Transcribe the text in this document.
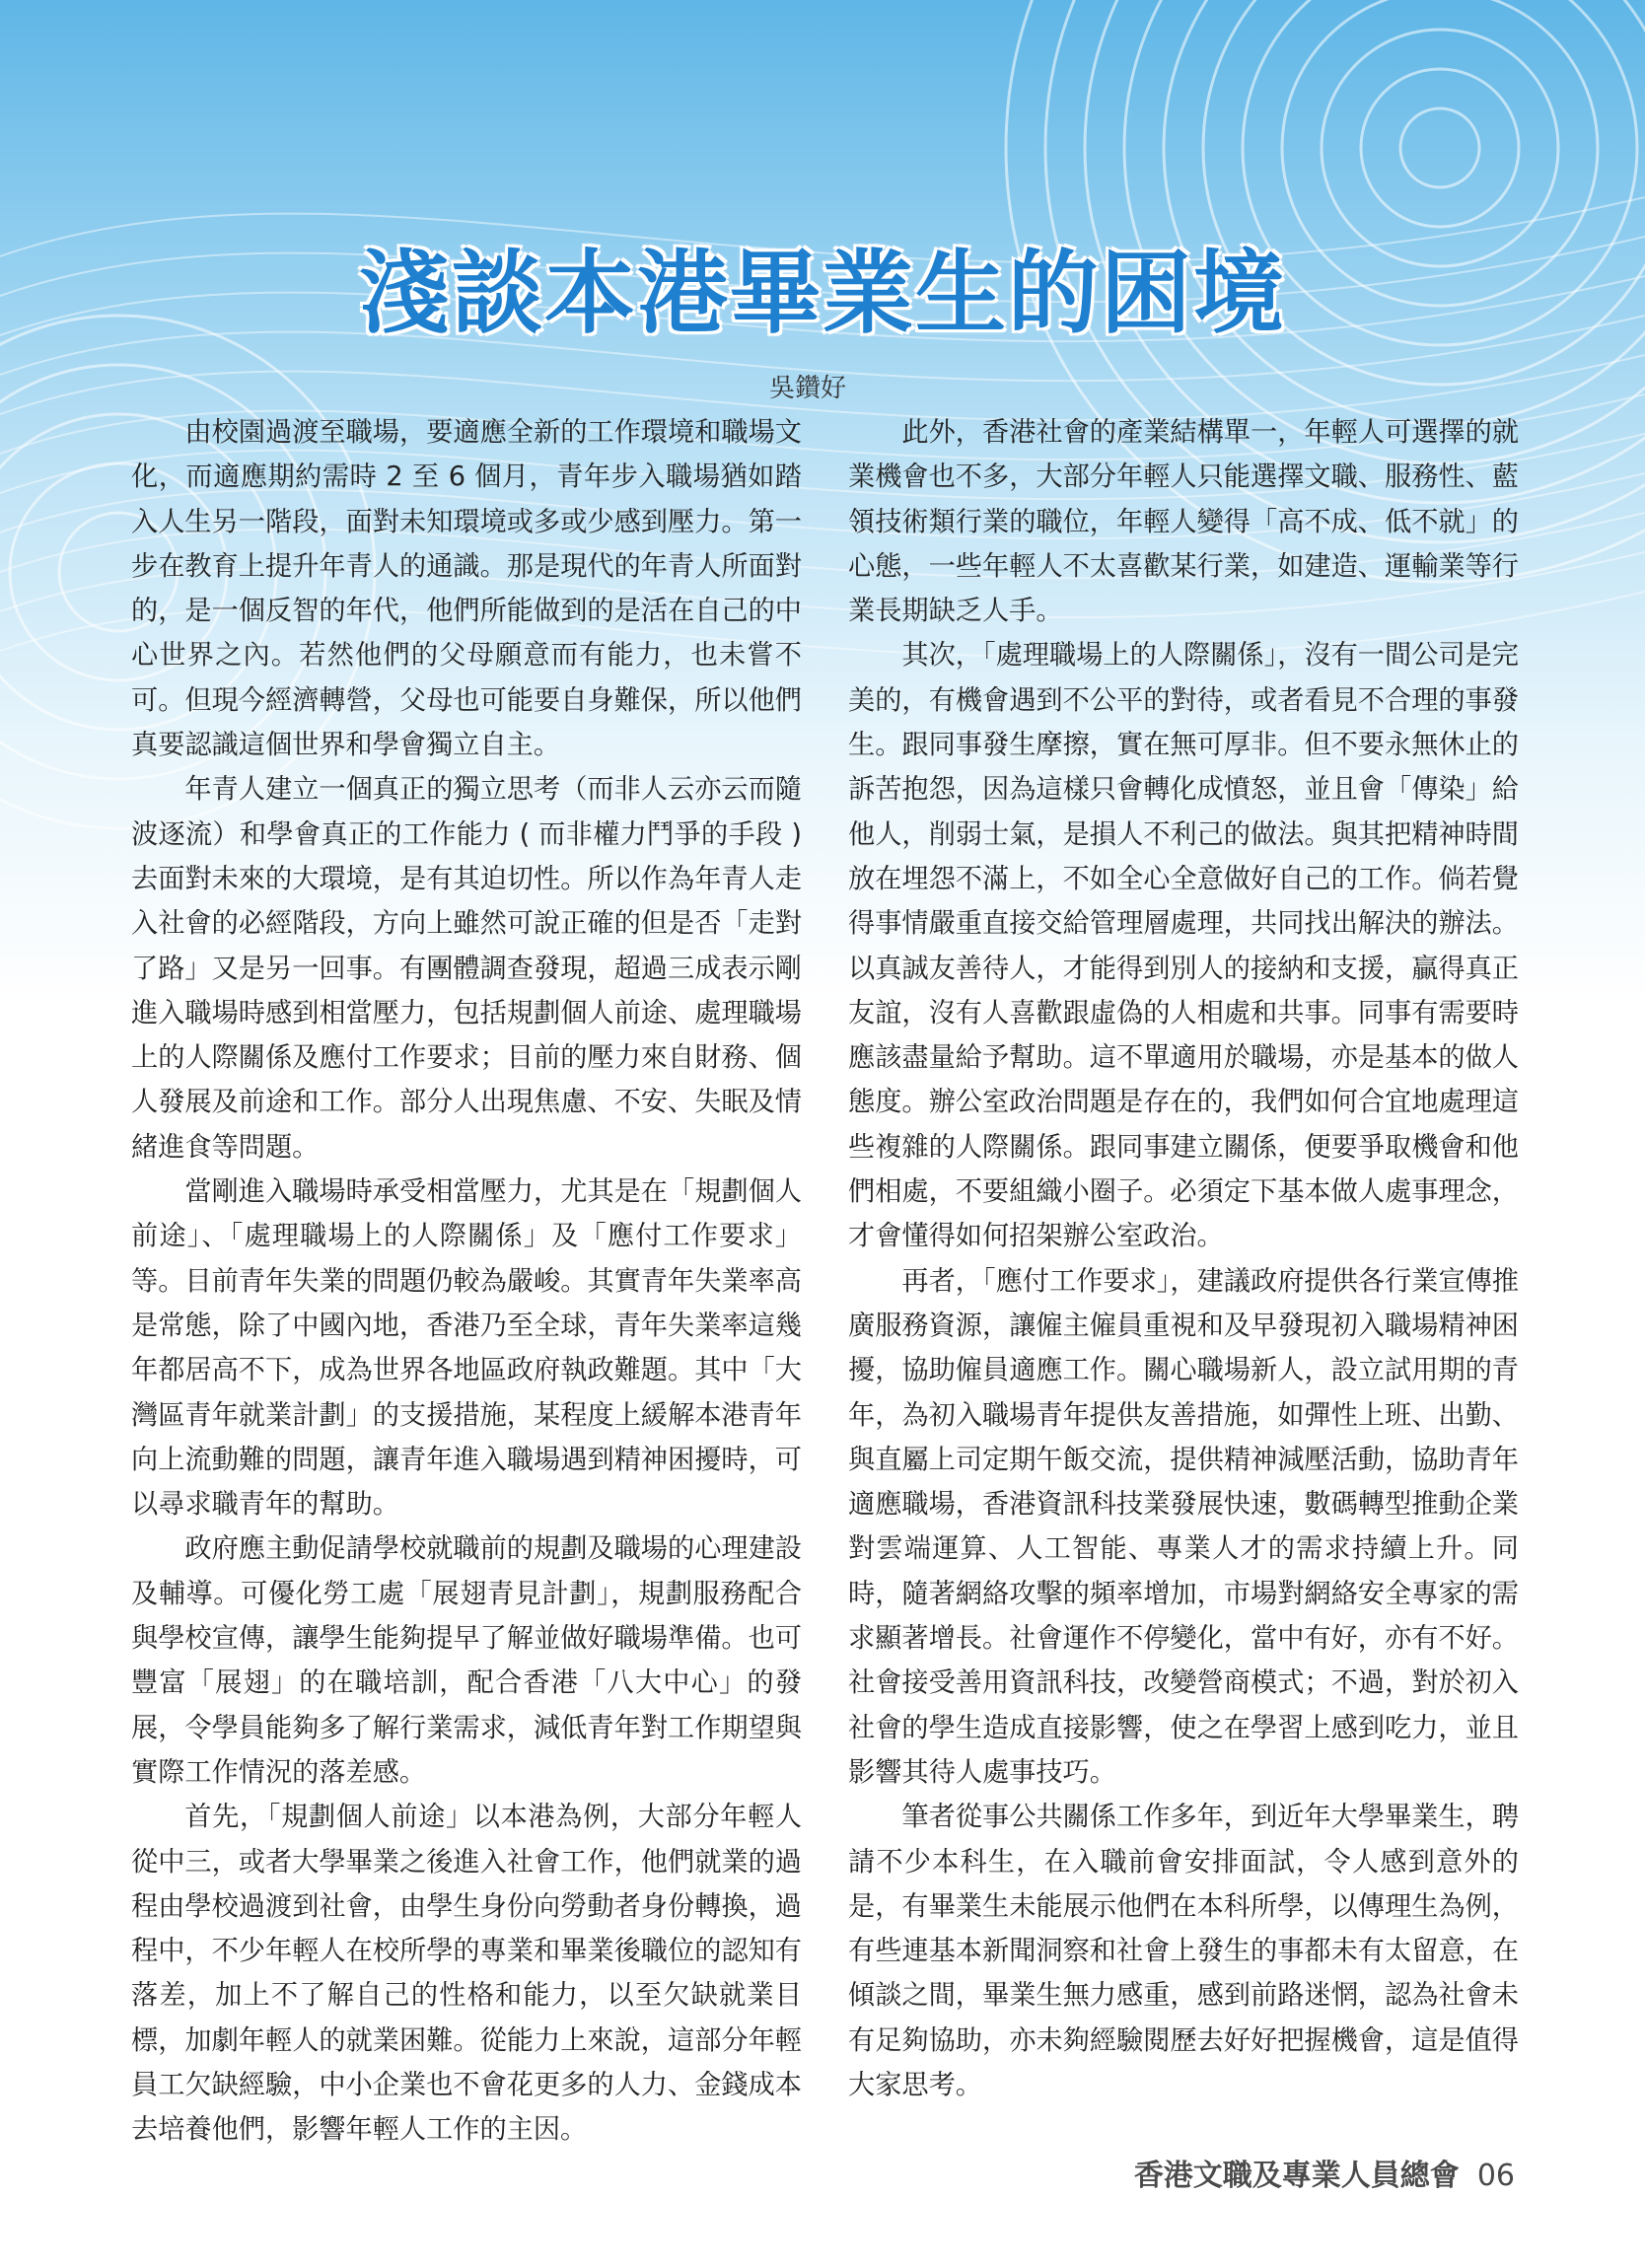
淺談本港畢業生的困境
吳鑽好

由校園過渡至職場，要適應全新的工作環境和職場文化，而適應期約需時 2 至 6 個月，青年步入職場猶如踏入人生另一階段，面對未知環境或多或少感到壓力。第一步在教育上提升年青人的通識。那是現代的年青人所面對的，是一個反智的年代，他們所能做到的是活在自己的中心世界之內。若然他們的父母願意而有能力，也未嘗不可。但現今經濟轉營，父母也可能要自身難保，所以他們真要認識這個世界和學會獨立自主。

年青人建立一個真正的獨立思考（而非人云亦云而隨波逐流）和學會真正的工作能力 ( 而非權力鬥爭的手段 ) 去面對未來的大環境，是有其迫切性。所以作為年青人走入社會的必經階段，方向上雖然可說正確的但是否「走對了路」又是另一回事。有團體調查發現，超過三成表示剛進入職場時感到相當壓力，包括規劃個人前途、處理職場上的人際關係及應付工作要求；目前的壓力來自財務、個人發展及前途和工作。部分人出現焦慮、不安、失眠及情緒進食等問題。

當剛進入職場時承受相當壓力，尤其是在「規劃個人前途」、「處理職場上的人際關係」及「應付工作要求」等。目前青年失業的問題仍較為嚴峻。其實青年失業率高是常態，除了中國內地，香港乃至全球，青年失業率這幾年都居高不下，成為世界各地區政府執政難題。其中「大灣區青年就業計劃」的支援措施，某程度上緩解本港青年向上流動難的問題，讓青年進入職場遇到精神困擾時，可以尋求職青年的幫助。

政府應主動促請學校就職前的規劃及職場的心理建設及輔導。可優化勞工處「展翅青見計劃」，規劃服務配合與學校宣傳，讓學生能夠提早了解並做好職場準備。也可豐富「展翅」的在職培訓，配合香港「八大中心」的發展，令學員能夠多了解行業需求，減低青年對工作期望與實際工作情況的落差感。

首先，「規劃個人前途」以本港為例，大部分年輕人從中三，或者大學畢業之後進入社會工作，他們就業的過程由學校過渡到社會，由學生身份向勞動者身份轉換，過程中，不少年輕人在校所學的專業和畢業後職位的認知有落差，加上不了解自己的性格和能力，以至欠缺就業目標，加劇年輕人的就業困難。從能力上來說，這部分年輕員工欠缺經驗，中小企業也不會花更多的人力、金錢成本去培養他們，影響年輕人工作的主因。

此外，香港社會的產業結構單一，年輕人可選擇的就業機會也不多，大部分年輕人只能選擇文職、服務性、藍領技術類行業的職位，年輕人變得「高不成、低不就」的心態，一些年輕人不太喜歡某行業，如建造、運輸業等行業長期缺乏人手。

其次，「處理職場上的人際關係」，沒有一間公司是完美的，有機會遇到不公平的對待，或者看見不合理的事發生。跟同事發生摩擦，實在無可厚非。但不要永無休止的訴苦抱怨，因為這樣只會轉化成憤怒，並且會「傳染」給他人，削弱士氣，是損人不利己的做法。與其把精神時間放在埋怨不滿上，不如全心全意做好自己的工作。倘若覺得事情嚴重直接交給管理層處理，共同找出解決的辦法。以真誠友善待人，才能得到別人的接納和支援，贏得真正友誼，沒有人喜歡跟虛偽的人相處和共事。同事有需要時應該盡量給予幫助。這不單適用於職場，亦是基本的做人態度。辦公室政治問題是存在的，我們如何合宜地處理這些複雜的人際關係。跟同事建立關係，便要爭取機會和他們相處，不要組織小圈子。必須定下基本做人處事理念，才會懂得如何招架辦公室政治。

再者，「應付工作要求」，建議政府提供各行業宣傳推廣服務資源，讓僱主僱員重視和及早發現初入職場精神困擾，協助僱員適應工作。關心職場新人，設立試用期的青年，為初入職場青年提供友善措施，如彈性上班、出勤、與直屬上司定期午飯交流，提供精神減壓活動，協助青年適應職場，香港資訊科技業發展快速，數碼轉型推動企業對雲端運算、人工智能、專業人才的需求持續上升。同時，隨著網絡攻擊的頻率增加，市場對網絡安全專家的需求顯著增長。社會運作不停變化，當中有好，亦有不好。社會接受善用資訊科技，改變營商模式；不過，對於初入社會的學生造成直接影響，使之在學習上感到吃力，並且影響其待人處事技巧。

筆者從事公共關係工作多年，到近年大學畢業生，聘請不少本科生，在入職前會安排面試，令人感到意外的是，有畢業生未能展示他們在本科所學，以傳理生為例，有些連基本新聞洞察和社會上發生的事都未有太留意，在傾談之間，畢業生無力感重，感到前路迷惘，認為社會未有足夠協助，亦未夠經驗閱歷去好好把握機會，這是值得大家思考。

香港文職及專業人員總會 06
